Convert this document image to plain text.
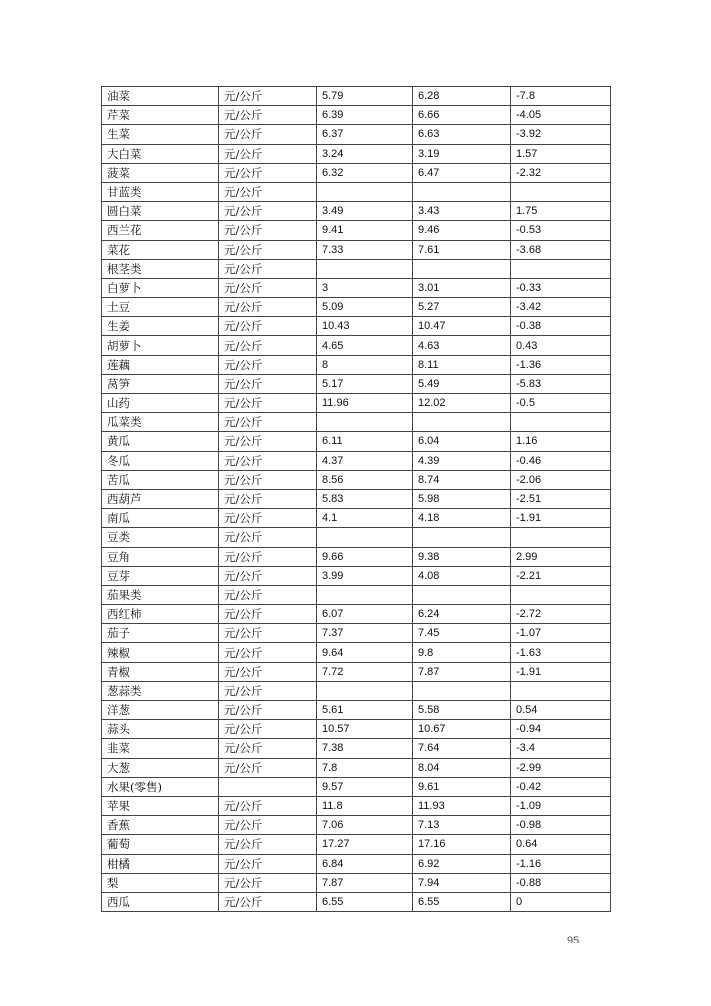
油菜	元/公斤	5.79	6.28	-7.8
芹菜	元/公斤	6.39	6.66	-4.05
生菜	元/公斤	6.37	6.63	-3.92
大白菜	元/公斤	3.24	3.19	1.57
菠菜	元/公斤	6.32	6.47	-2.32
甘蓝类	元/公斤			
圆白菜	元/公斤	3.49	3.43	1.75
西兰花	元/公斤	9.41	9.46	-0.53
菜花	元/公斤	7.33	7.61	-3.68
根茎类	元/公斤			
白萝卜	元/公斤	3	3.01	-0.33
土豆	元/公斤	5.09	5.27	-3.42
生姜	元/公斤	10.43	10.47	-0.38
胡萝卜	元/公斤	4.65	4.63	0.43
莲藕	元/公斤	8	8.11	-1.36
莴笋	元/公斤	5.17	5.49	-5.83
山药	元/公斤	11.96	12.02	-0.5
瓜菜类	元/公斤			
黄瓜	元/公斤	6.11	6.04	1.16
冬瓜	元/公斤	4.37	4.39	-0.46
苦瓜	元/公斤	8.56	8.74	-2.06
西葫芦	元/公斤	5.83	5.98	-2.51
南瓜	元/公斤	4.1	4.18	-1.91
豆类	元/公斤			
豆角	元/公斤	9.66	9.38	2.99
豆芽	元/公斤	3.99	4.08	-2.21
茄果类	元/公斤			
西红柿	元/公斤	6.07	6.24	-2.72
茄子	元/公斤	7.37	7.45	-1.07
辣椒	元/公斤	9.64	9.8	-1.63
青椒	元/公斤	7.72	7.87	-1.91
葱蒜类	元/公斤			
洋葱	元/公斤	5.61	5.58	0.54
蒜头	元/公斤	10.57	10.67	-0.94
韭菜	元/公斤	7.38	7.64	-3.4
大葱	元/公斤	7.8	8.04	-2.99
水果(零售)		9.57	9.61	-0.42
苹果	元/公斤	11.8	11.93	-1.09
香蕉	元/公斤	7.06	7.13	-0.98
葡萄	元/公斤	17.27	17.16	0.64
柑橘	元/公斤	6.84	6.92	-1.16
梨	元/公斤	7.87	7.94	-0.88
西瓜	元/公斤	6.55	6.55	0
95
